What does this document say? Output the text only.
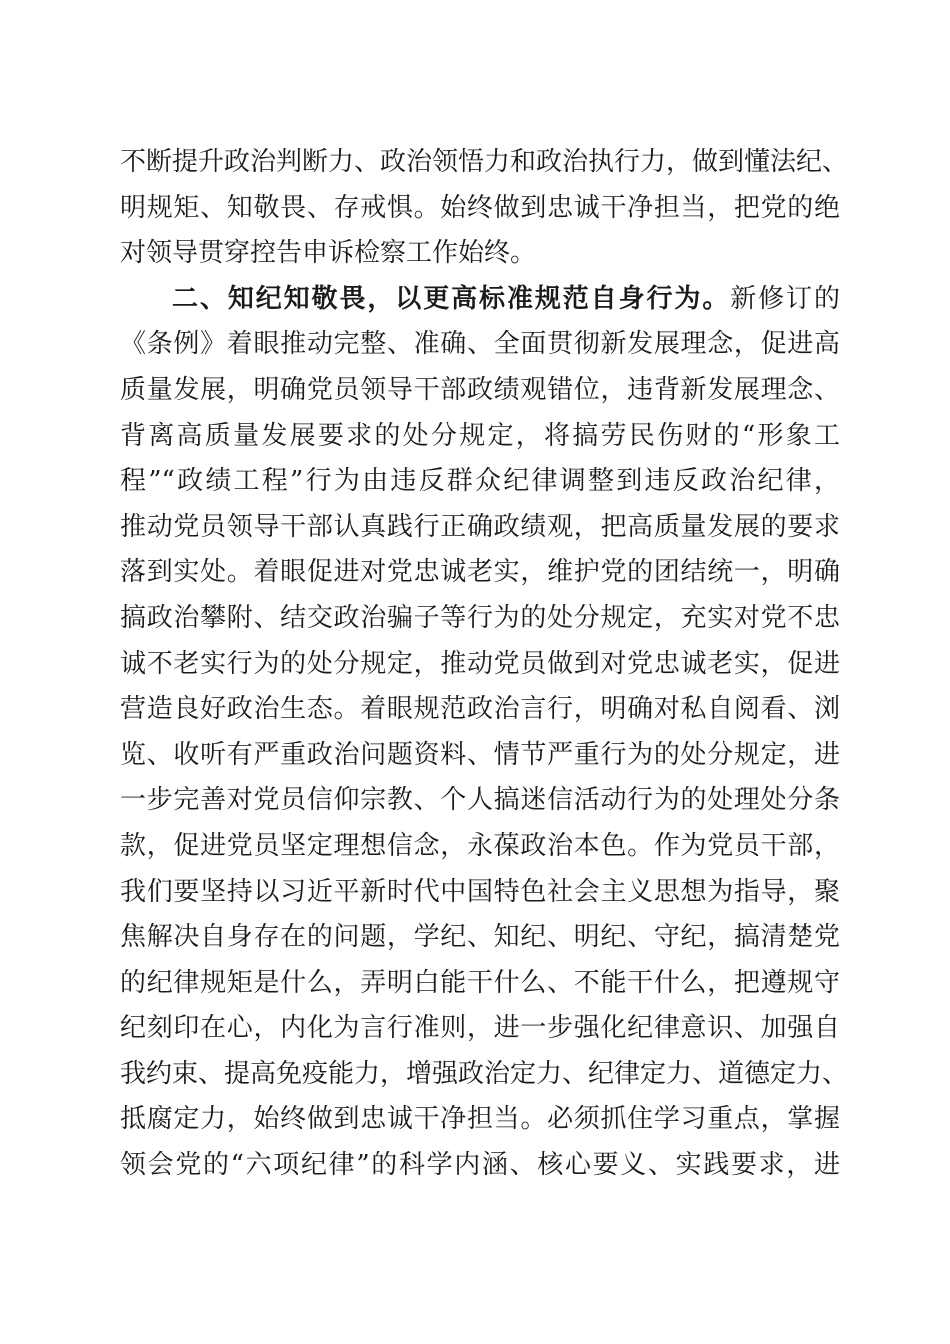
不断提升政治判断力、政治领悟力和政治执行力，做到懂法纪、
明规矩、知敬畏、存戒惧。始终做到忠诚干净担当，把党的绝
对领导贯穿控告申诉检察工作始终。
二、知纪知敬畏，以更高标准规范自身行为。新修订的
《条例》着眼推动完整、准确、全面贯彻新发展理念，促进高
质量发展，明确党员领导干部政绩观错位，违背新发展理念、
背离高质量发展要求的处分规定，将搞劳民伤财的“形象工
程”“政绩工程”行为由违反群众纪律调整到违反政治纪律，
推动党员领导干部认真践行正确政绩观，把高质量发展的要求
落到实处。着眼促进对党忠诚老实，维护党的团结统一，明确
搞政治攀附、结交政治骗子等行为的处分规定，充实对党不忠
诚不老实行为的处分规定，推动党员做到对党忠诚老实，促进
营造良好政治生态。着眼规范政治言行，明确对私自阅看、浏
览、收听有严重政治问题资料、情节严重行为的处分规定，进
一步完善对党员信仰宗教、个人搞迷信活动行为的处理处分条
款，促进党员坚定理想信念，永葆政治本色。作为党员干部，
我们要坚持以习近平新时代中国特色社会主义思想为指导，聚
焦解决自身存在的问题，学纪、知纪、明纪、守纪，搞清楚党
的纪律规矩是什么，弄明白能干什么、不能干什么，把遵规守
纪刻印在心，内化为言行准则，进一步强化纪律意识、加强自
我约束、提高免疫能力，增强政治定力、纪律定力、道德定力、
抵腐定力，始终做到忠诚干净担当。必须抓住学习重点，掌握
领会党的“六项纪律”的科学内涵、核心要义、实践要求，进
